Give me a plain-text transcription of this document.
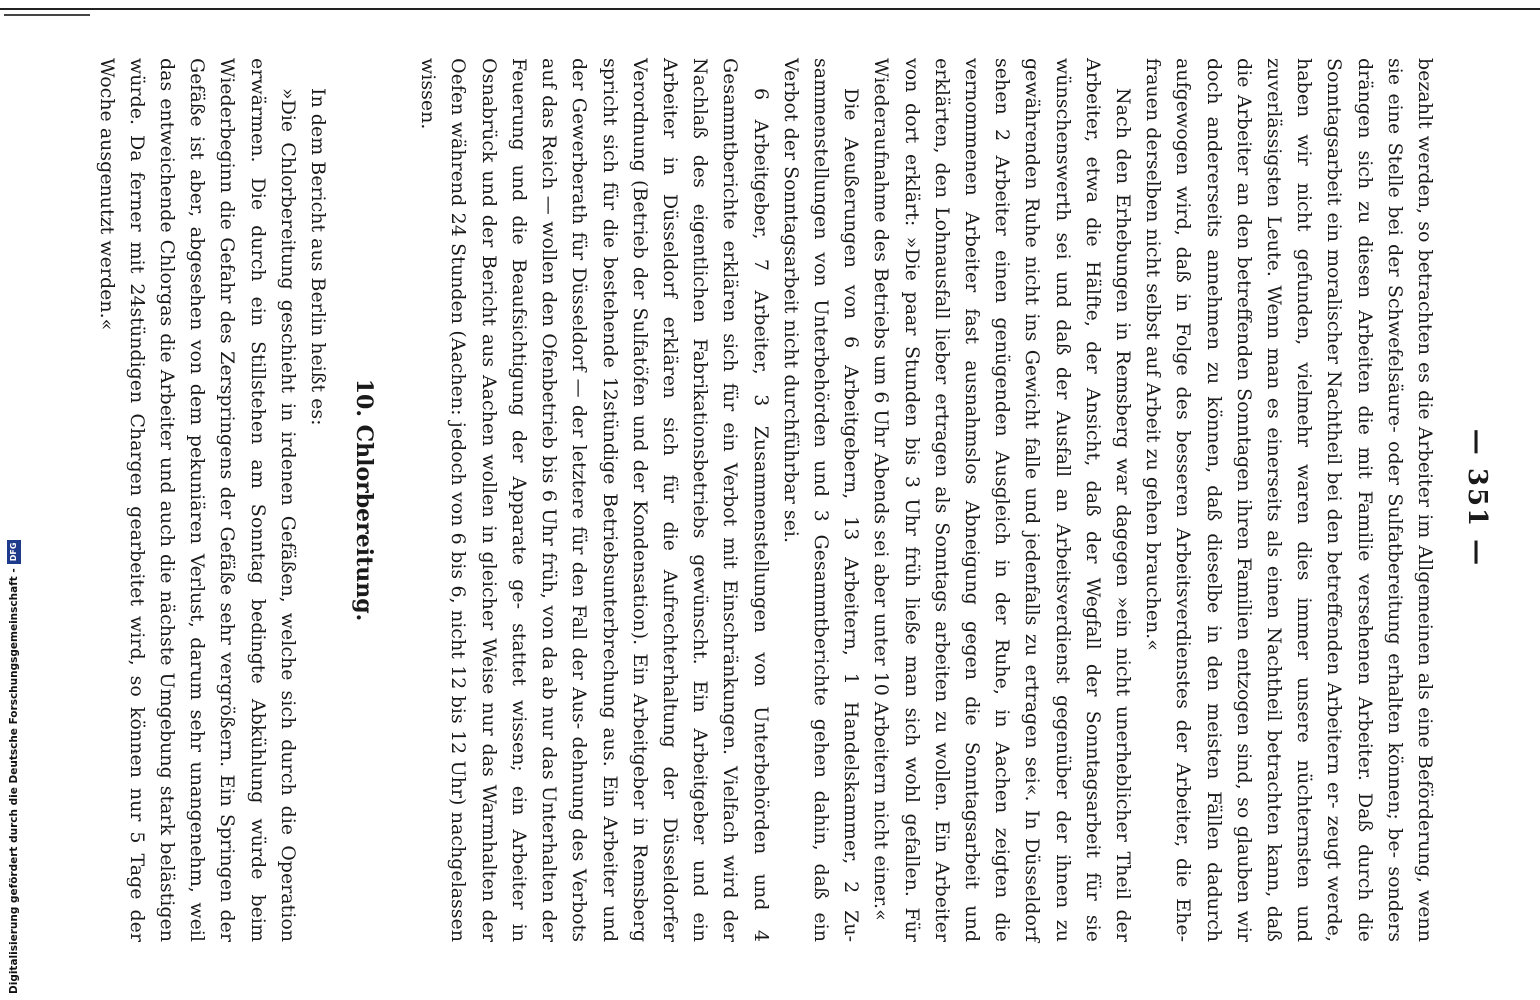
— 351 —

bezahlt werden, so betrachten es die Arbeiter im Allgemeinen als eine Beförderung, wenn sie eine Stelle bei der Schwefelsäure- oder Sulfatbereitung erhalten können; be- sonders drängen sich zu diesen Arbeiten die mit Familie versehenen Arbeiter. Daß durch die Sonntagsarbeit ein moralischer Nachtheil bei den betreffenden Arbeitern er- zeugt werde, haben wir nicht gefunden, vielmehr waren dies immer unsere nüchternsten und zuverlässigsten Leute. Wenn man es einerseits als einen Nachtheil betrachten kann, daß die Arbeiter an den betreffenden Sonntagen ihren Familien entzogen sind, so glauben wir doch andererseits annehmen zu können, daß dieselbe in den meisten Fällen dadurch aufgewogen wird, daß in Folge des besseren Arbeitsverdienstes der Arbeiter, die Ehe- frauen derselben nicht selbst auf Arbeit zu gehen brauchen.«

Nach den Erhebungen in Remsberg war dagegen »ein nicht unerheblicher Theil der Arbeiter, etwa die Hälfte, der Ansicht, daß der Wegfall der Sonntagsarbeit für sie wünschenswerth sei und daß der Ausfall an Arbeitsverdienst gegenüber der ihnen zu gewährenden Ruhe nicht ins Gewicht falle und jedenfalls zu ertragen sei«. In Düsseldorf sehen 2 Arbeiter einen genügenden Ausgleich in der Ruhe, in Aachen zeigten die vernommenen Arbeiter fast ausnahmslos Abneigung gegen die Sonntagsarbeit und erklärten, den Lohnausfall lieber ertragen als Sonntags arbeiten zu wollen. Ein Arbeiter von dort erklärt: »Die paar Stunden bis 3 Uhr früh ließe man sich wohl gefallen. Für Wiederaufnahme des Betriebs um 6 Uhr Abends sei aber unter 10 Arbeitern nicht einer.«

Die Aeußerungen von 6 Arbeitgebern, 13 Arbeitern, 1 Handelskammer, 2 Zu- sammenstellungen von Unterbehörden und 3 Gesammtberichte gehen dahin, daß ein Verbot der Sonntagsarbeit nicht durchführbar sei.

6 Arbeitgeber, 7 Arbeiter, 3 Zusammenstellungen von Unterbehörden und 4 Gesammtberichte erklären sich für ein Verbot mit Einschränkungen. Vielfach wird der Nachlaß des eigentlichen Fabrikationsbetriebs gewünscht. Ein Arbeitgeber und ein Arbeiter in Düsseldorf erklären sich für die Aufrechterhaltung der Düsseldorfer Verordnung (Betrieb der Sulfatöfen und der Kondensation). Ein Arbeitgeber in Remsberg spricht sich für die bestehende 12stündige Betriebsunterbrechung aus. Ein Arbeiter und der Gewerberath für Düsseldorf — der letztere für den Fall der Aus- dehnung des Verbots auf das Reich — wollen den Ofenbetrieb bis 6 Uhr früh, von da ab nur das Unterhalten der Feuerung und die Beaufsichtigung der Apparate ge- stattet wissen; ein Arbeiter in Osnabrück und der Bericht aus Aachen wollen in gleicher Weise nur das Warmhalten der Oefen während 24 Stunden (Aachen: jedoch von 6 bis 6, nicht 12 bis 12 Uhr) nachgelassen wissen.

10. Chlorbereitung.

In dem Bericht aus Berlin heißt es:

»Die Chlorbereitung geschieht in irdenen Gefäßen, welche sich durch die Operation erwärmen. Die durch ein Stillstehen am Sonntag bedingte Abkühlung würde beim Wiederbeginn die Gefahr des Zerspringens der Gefäße sehr vergrößern. Ein Springen der Gefäße ist aber, abgesehen von dem pekuniären Verlust, darum sehr unangenehm, weil das entweichende Chlorgas die Arbeiter und auch die nächste Umgebung stark belästigen würde. Da ferner mit 24stündigen Chargen gearbeitet wird, so können nur 5 Tage der Woche ausgenutzt werden.«

Digitalisierung gefördert durch die Deutsche Forschungsgemeinschaft -
DFG
